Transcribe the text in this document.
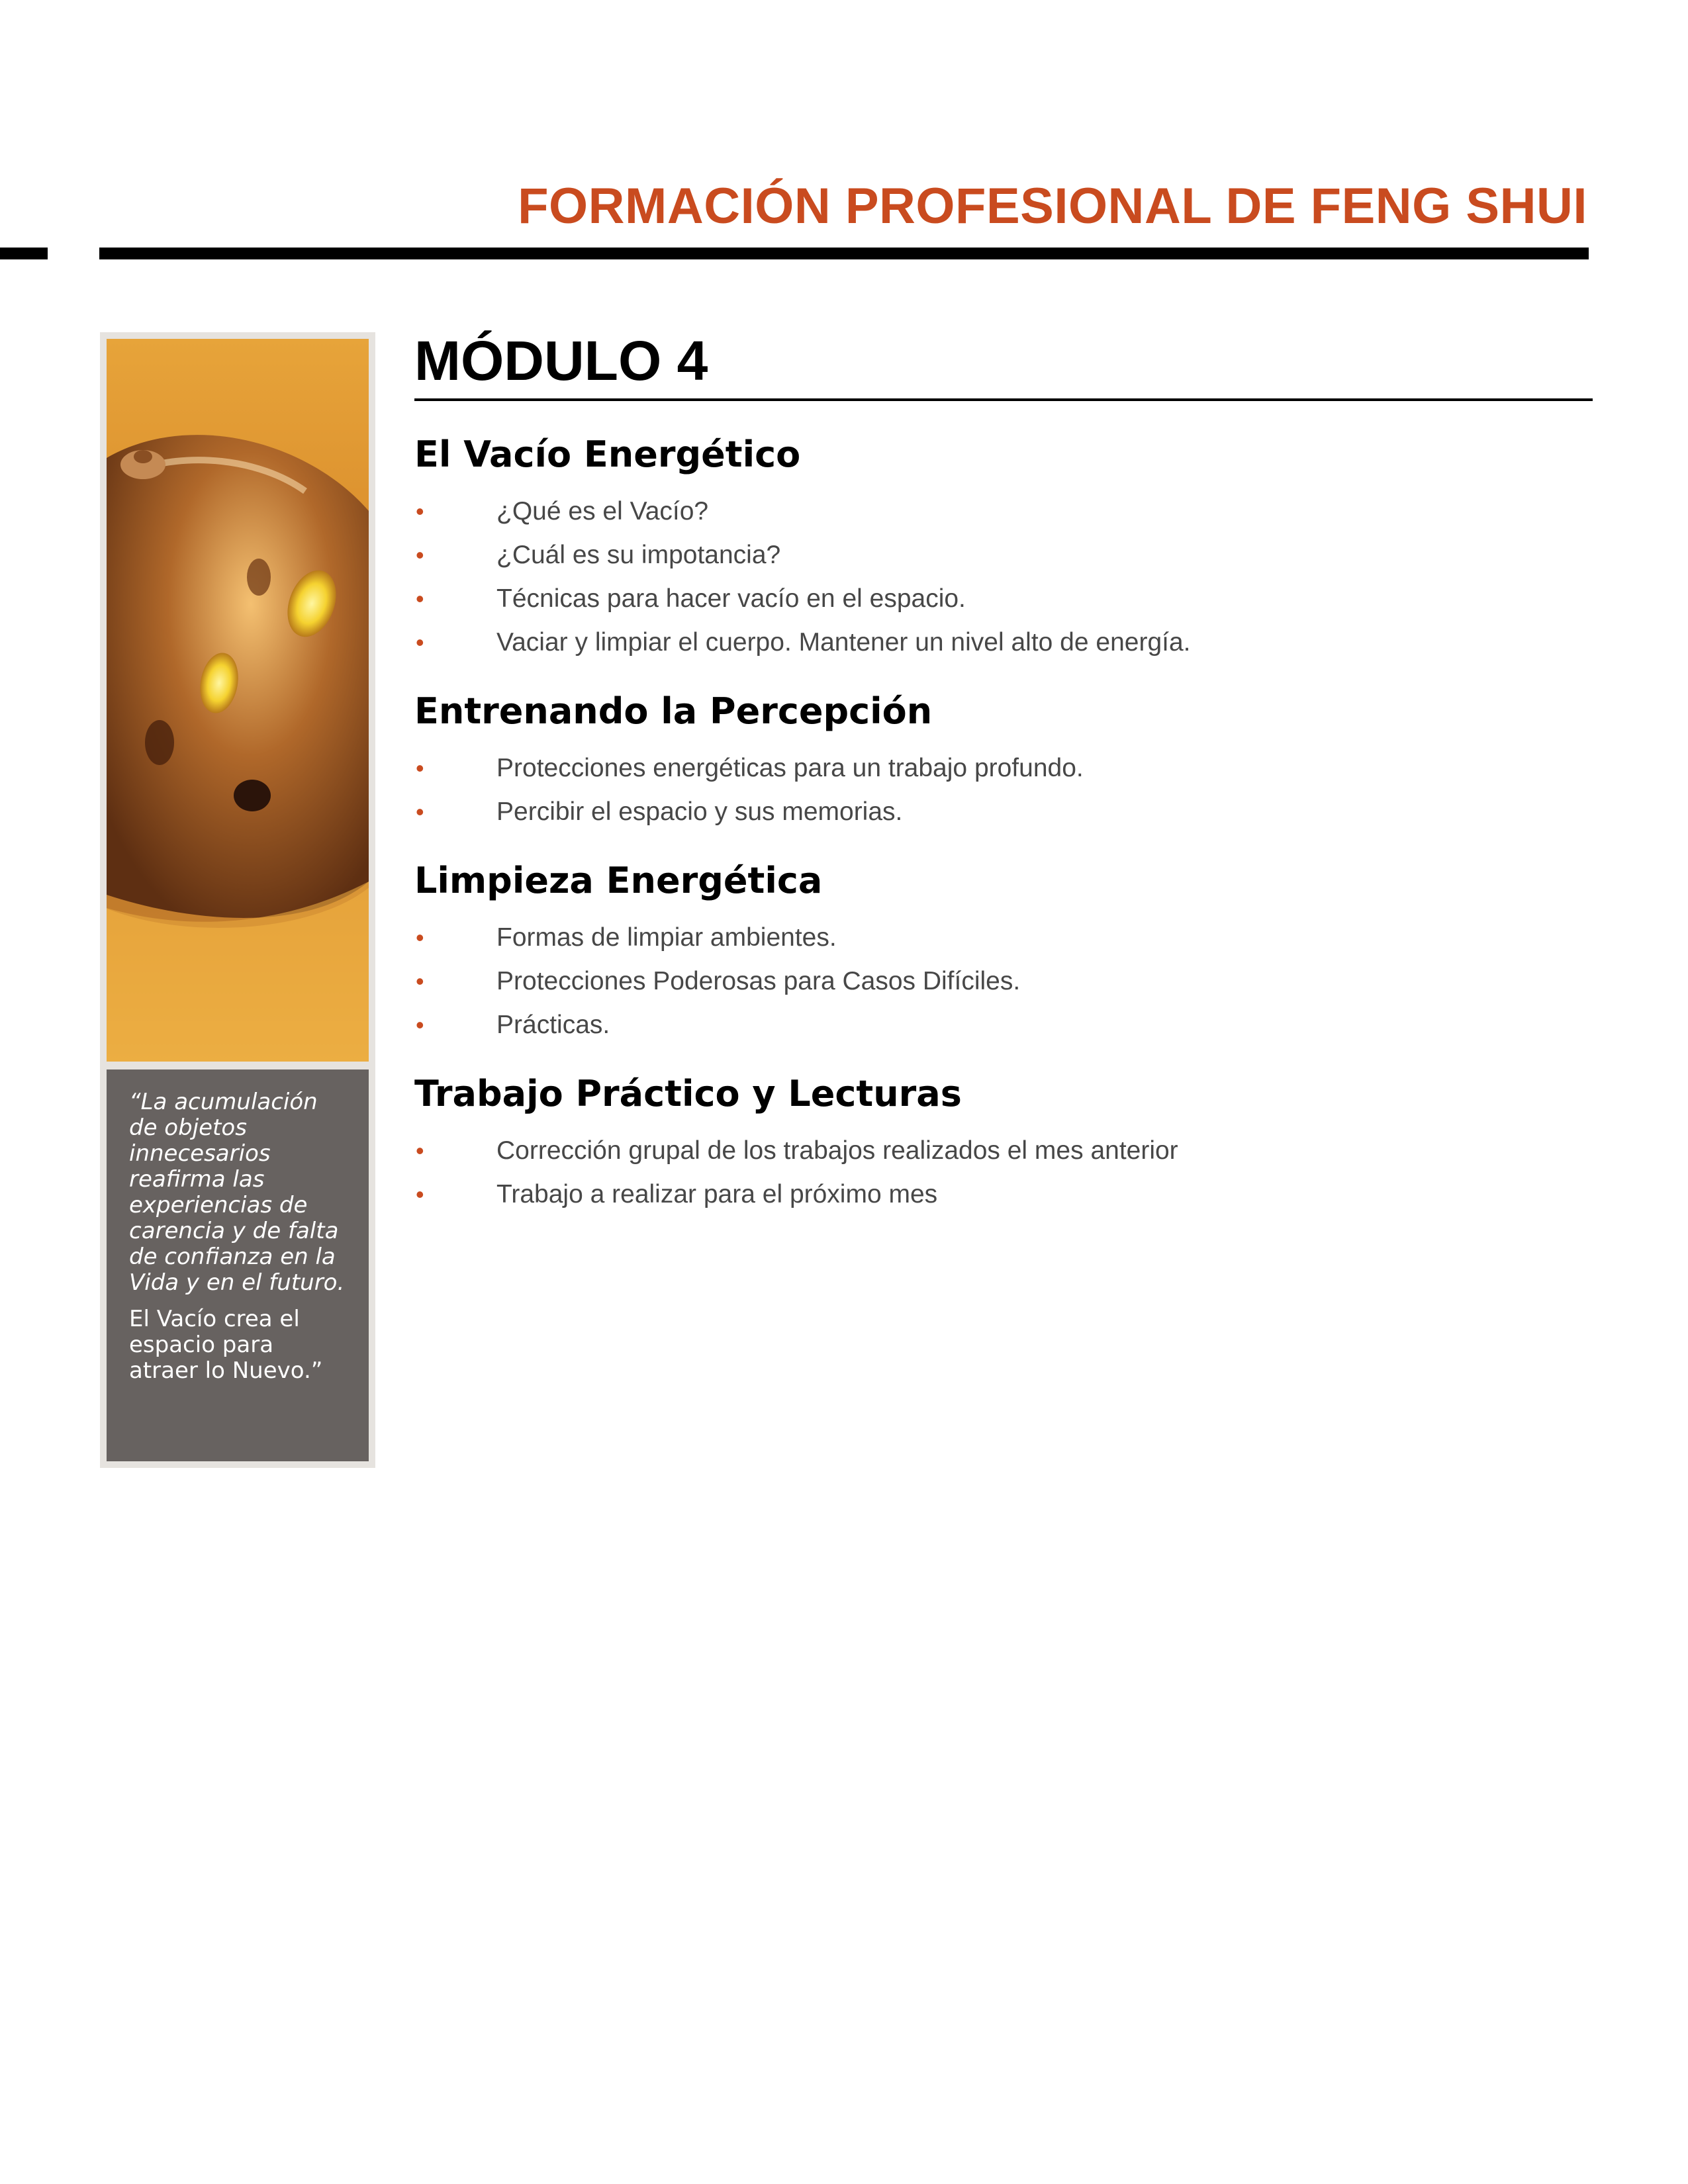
FORMACIÓN PROFESIONAL DE FENG SHUI

“La acumulación de objetos innecesarios reafirma las experiencias de carencia y de falta de confianza en la Vida y en el futuro.

El Vacío crea el espacio para atraer lo Nuevo.”

MÓDULO 4
El Vacío Energético
•	¿Qué es el Vacío?
•	¿Cuál es su impotancia?
•	Técnicas para hacer vacío en el espacio.
•	Vaciar y limpiar el cuerpo. Mantener un nivel alto de energía.
Entrenando la Percepción
•	Protecciones energéticas para un trabajo profundo.
•	Percibir el espacio y sus memorias.
Limpieza Energética
•	Formas de limpiar ambientes.
•	Protecciones Poderosas para Casos Difíciles.
•	Prácticas.
Trabajo Práctico y Lecturas
•	Corrección grupal de los trabajos realizados el mes anterior
•	Trabajo a realizar para el próximo mes
